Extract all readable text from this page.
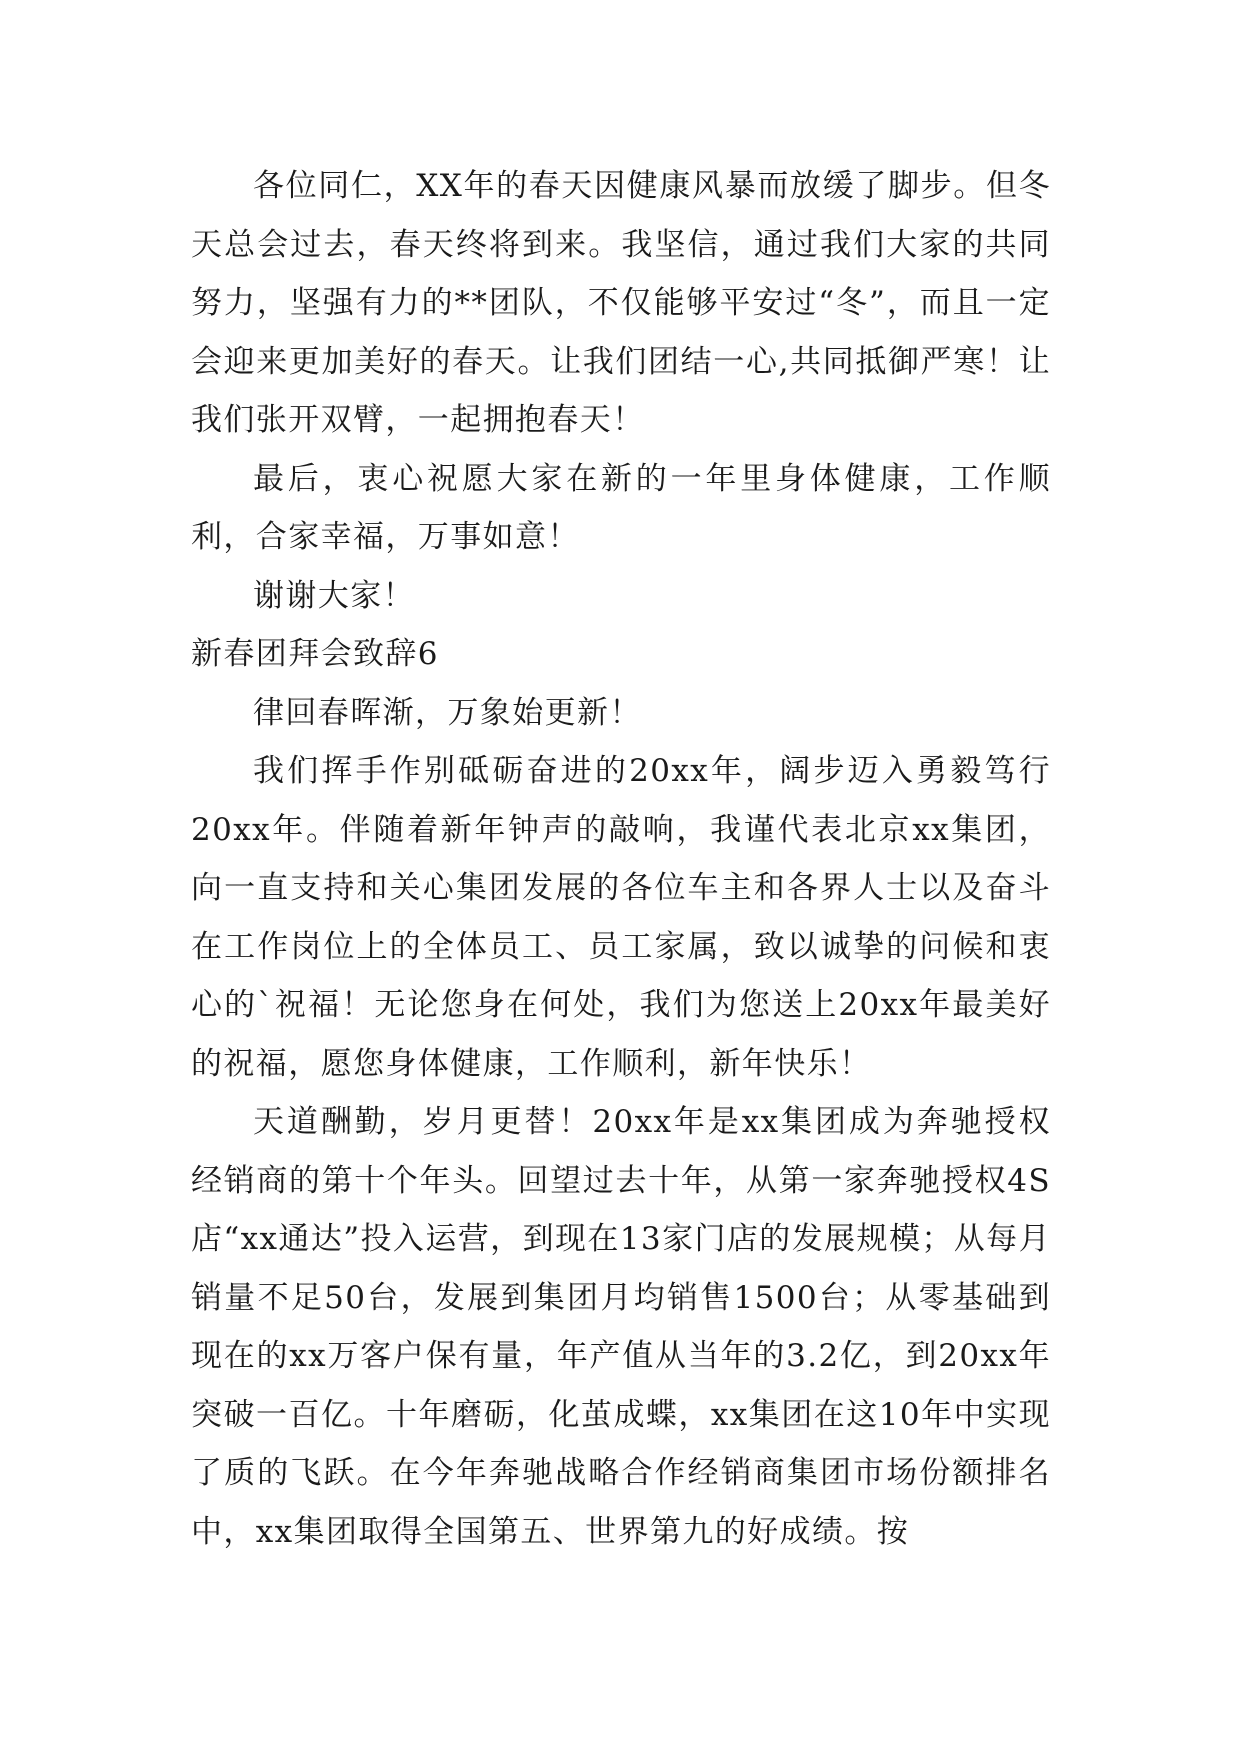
各位同仁，XX年的春天因健康风暴而放缓了脚步。但冬天总会过去，春天终将到来。我坚信，通过我们大家的共同努力，坚强有力的**团队，不仅能够平安过“冬”，而且一定会迎来更加美好的春天。让我们团结一心,共同抵御严寒！让我们张开双臂，一起拥抱春天！

最后，衷心祝愿大家在新的一年里身体健康，工作顺利，合家幸福，万事如意！

谢谢大家！

新春团拜会致辞6

律回春晖渐，万象始更新！

我们挥手作别砥砺奋进的20xx年，阔步迈入勇毅笃行20xx年。伴随着新年钟声的敲响，我谨代表北京xx集团，向一直支持和关心集团发展的各位车主和各界人士以及奋斗在工作岗位上的全体员工、员工家属，致以诚挚的问候和衷心的`祝福！无论您身在何处，我们为您送上20xx年最美好的祝福，愿您身体健康，工作顺利，新年快乐！

天道酬勤，岁月更替！20xx年是xx集团成为奔驰授权经销商的第十个年头。回望过去十年，从第一家奔驰授权4S店“xx通达”投入运营，到现在13家门店的发展规模；从每月销量不足50台，发展到集团月均销售1500台；从零基础到现在的xx万客户保有量，年产值从当年的3.2亿，到20xx年突破一百亿。十年磨砺，化茧成蝶，xx集团在这10年中实现了质的飞跃。在今年奔驰战略合作经销商集团市场份额排名中，xx集团取得全国第五、世界第九的好成绩。按
